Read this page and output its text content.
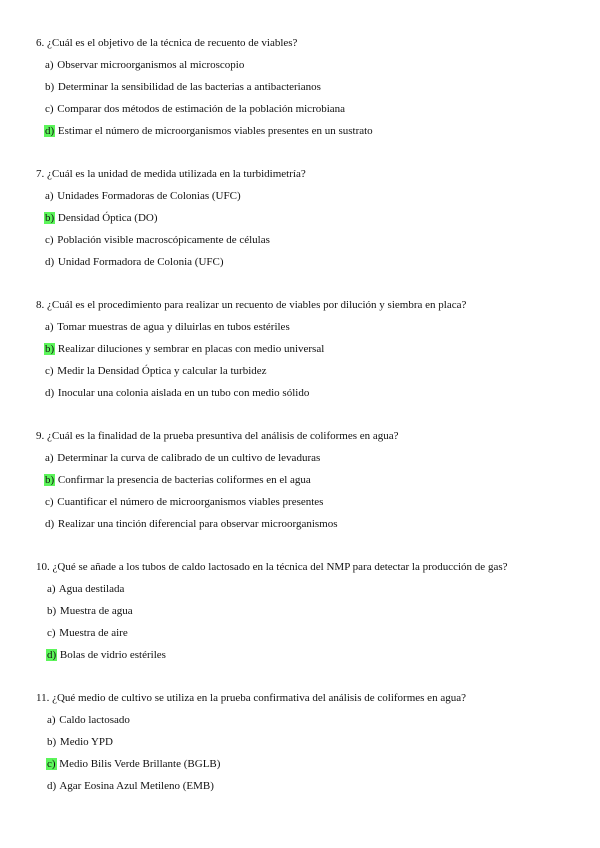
6. ¿Cuál es el objetivo de la técnica de recuento de viables?
a) Observar microorganismos al microscopio
b) Determinar la sensibilidad de las bacterias a antibacterianos
c) Comparar dos métodos de estimación de la población microbiana
d) Estimar el número de microorganismos viables presentes en un sustrato
7. ¿Cuál es la unidad de medida utilizada en la turbidimetría?
a) Unidades Formadoras de Colonias (UFC)
b) Densidad Óptica (DO)
c) Población visible macroscópicamente de células
d) Unidad Formadora de Colonia (UFC)
8. ¿Cuál es el procedimiento para realizar un recuento de viables por dilución y siembra en placa?
a) Tomar muestras de agua y diluirlas en tubos estériles
b) Realizar diluciones y sembrar en placas con medio universal
c) Medir la Densidad Óptica y calcular la turbidez
d) Inocular una colonia aislada en un tubo con medio sólido
9. ¿Cuál es la finalidad de la prueba presuntiva del análisis de coliformes en agua?
a) Determinar la curva de calibrado de un cultivo de levaduras
b) Confirmar la presencia de bacterias coliformes en el agua
c) Cuantificar el número de microorganismos viables presentes
d) Realizar una tinción diferencial para observar microorganismos
10. ¿Qué se añade a los tubos de caldo lactosado en la técnica del NMP para detectar la producción de gas?
a) Agua destilada
b) Muestra de agua
c) Muestra de aire
d) Bolas de vidrio estériles
11. ¿Qué medio de cultivo se utiliza en la prueba confirmativa del análisis de coliformes en agua?
a) Caldo lactosado
b) Medio YPD
c) Medio Bilis Verde Brillante (BGLB)
d) Agar Eosina Azul Metileno (EMB)
